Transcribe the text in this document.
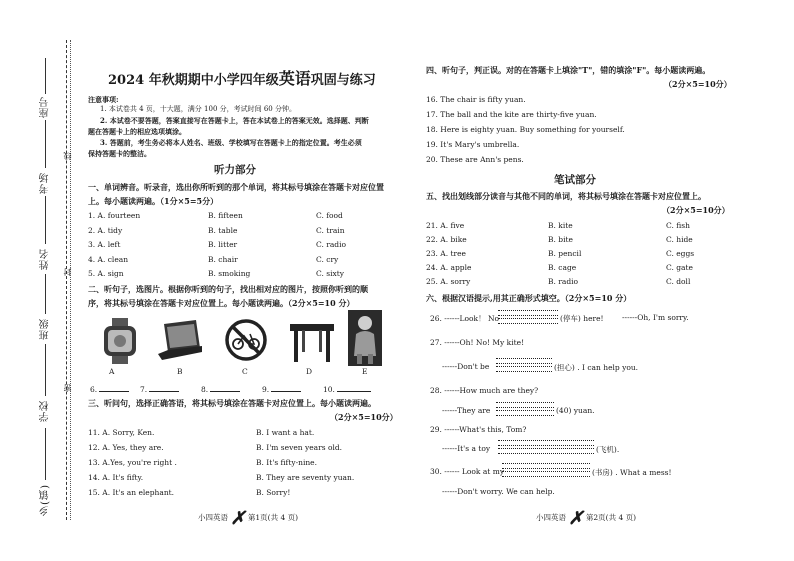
座号
考场
姓名
班级
学校
乡(镇)
线
封
密
2024 年秋期期中小学四年级英语巩固与练习
注意事项:
1. 本试卷共 4 页，十大题，满分 100 分，考试时间 60 分钟。
2. 本试卷不要答题，答案直接写在答题卡上，答在本试卷上的答案无效。选择题、判断
题在答题卡上的相应选项填涂。
3. 答题前，考生务必将本人姓名、班级、学校填写在答题卡上的指定位置。考生必须
保持答题卡的整洁。
听力部分
一、单词辨音。听录音，选出你所听到的那个单词，将其标号填涂在答题卡对应位置
上。每小题读两遍。（1分×5=5分）
1. A. fourteen	B. fifteen	C. food
2. A. tidy	B. table	C. train
3. A. left	B. litter	C. radio
4. A. clean	B. chair	C. cry
5. A. sign	B. smoking	C. sixty
二、听句子，选图片。根据你听到的句子，找出相对应的图片，按照你听到的顺
序，将其标号填涂在答题卡对应位置上。每小题读两遍。（2分×5=10 分）
A	B	C	D	E
6.	7.	8.	9.	10.
三、听问句，选择正确答语，将其标号填涂在答题卡对应位置上。每小题读两遍。
（2分×5=10分）
11. A. Sorry, Ken.	B. I want a hat.
12. A. Yes, they are.	B. I'm seven years old.
13. A.Yes, you're right .	B. It's fifty-nine.
14. A. It's fifty.	B. They are seventy yuan.
15. A. It's an elephant.	B. Sorry!
小四英语 ✗ 第1页(共 4 页)
四、听句子，判正误。对的在答题卡上填涂"T"，错的填涂"F"。每小题读两遍。
（2分×5=10分）
16. The chair is fifty yuan.
17. The ball and the kite are thirty-five yuan.
18. Here is eighty yuan. Buy something for yourself.
19. It's Mary's umbrella.
20. These are Ann's pens.
笔试部分
五、找出划线部分读音与其他不同的单词，将其标号填涂在答题卡对应位置上。
（2分×5=10分）
21. A. five	B. kite	C. fish
22. A. bike	B. bite	C. hide
23. A. tree	B. pencil	C. eggs
24. A. apple	B. cage	C. gate
25. A. sorry	B. radio	C. doll
六、根据汉语提示,用其正确形式填空。（2分×5=10 分）
26. ------Look！ No	(停车) here! ------Oh, I'm sorry.
27. ------Oh! No! My kite!
------Don't be	(担心) . I can help you.
28. ------How much are they?
------They are	(40) yuan.
29. ------What's this, Tom?
------It's a toy	(飞机).
30. ------ Look at my	(书房) . What a mess!
------Don't worry. We can help.
小四英语 ✗ 第2页(共 4 页)
